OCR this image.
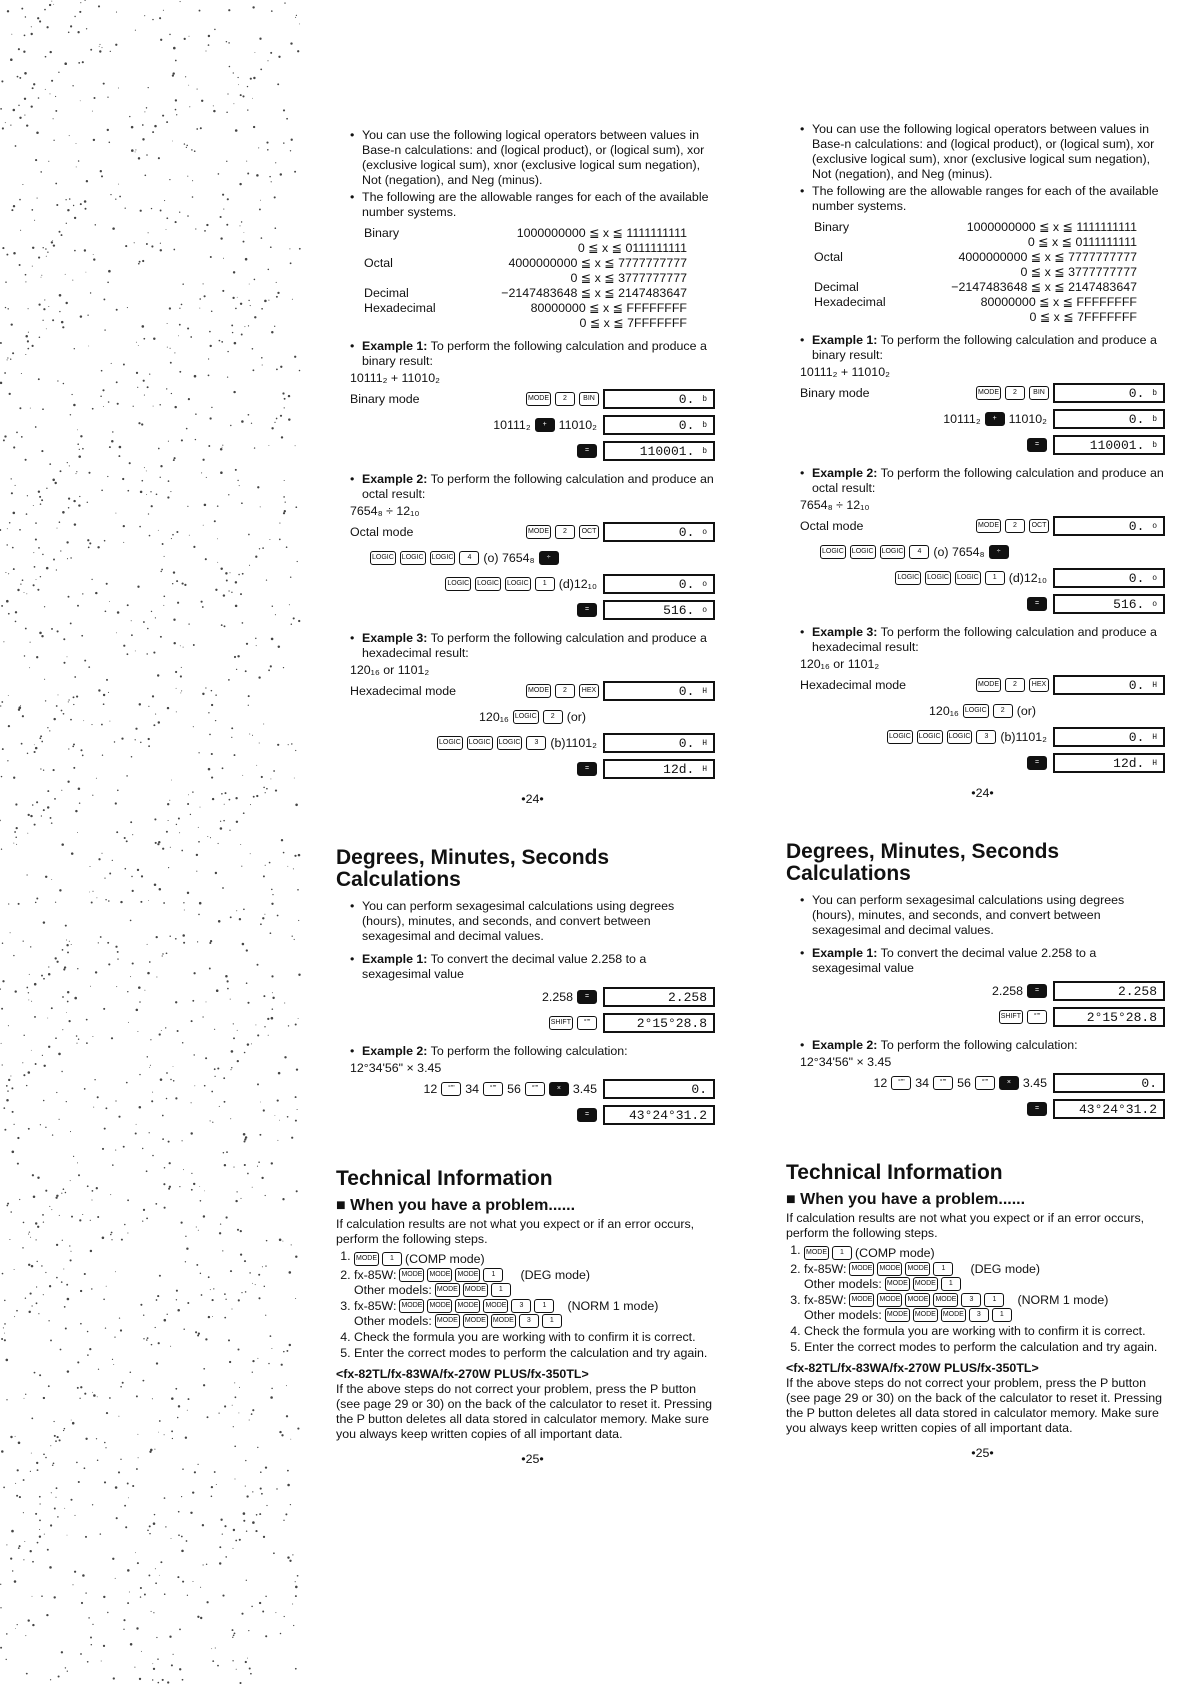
• You can use the following logical operators between values in Base-n calculations: and (logical product), or (logical sum), xor (exclusive logical sum), xnor (exclusive logical sum negation), Not (negation), and Neg (minus).

• The following are the allowable ranges for each of the available number systems.

Binary	1000000000 ≦ x ≦ 1111111111
0 ≦ x ≦ 0111111111
Octal	4000000000 ≦ x ≦ 7777777777
0 ≦ x ≦ 3777777777
Decimal	−2147483648 ≦ x ≦ 2147483647
Hexadecimal	80000000 ≦ x ≦ FFFFFFFF
0 ≦ x ≦ 7FFFFFFF

• Example 1: To perform the following calculation and produce a binary result:

10111₂ + 11010₂

Binary mode	MODE	2	BIN	0. $^b$
10111₂	+ 11010₂	0. $^b$
=	110001. $^b$

• Example 2: To perform the following calculation and produce an octal result:

7654₈ ÷ 12₁₀

Octal mode	MODE	2	OCT	0. $^o$
LOGIC LOGIC LOGIC	4 (o) 7654₈	÷
LOGIC LOGIC LOGIC	1 (d)12₁₀	0. $^o$
=	516. $^o$

• Example 3: To perform the following calculation and produce a hexadecimal result:

120₁₆ or 1101₂

Hexadecimal mode	MODE	2	HEX	0. $^H$
120₁₆ LOGIC	2 (or)
LOGIC LOGIC LOGIC	3 (b)1101₂	0. $^H$
=	12d. $^H$

•24•

Degrees, Minutes, Seconds Calculations

• You can perform sexagesimal calculations using degrees (hours), minutes, and seconds, and convert between sexagesimal and decimal values.

• Example 1: To convert the decimal value 2.258 to a sexagesimal value

2.258	=	2.258
SHIFT	°'"	2°15°28.8

• Example 2: To perform the following calculation:

12°34'56" × 3.45

12	°'" 34	°'" 56	°'"	× 3.45	0.
=	43°24°31.2
Technical Information
■ When you have a problem......

If calculation results are not what you expect or if an error occurs, perform the following steps.

1. MODE	1 (COMP mode)
2. fx-85W: MODE MODE MODE	1	(DEG mode)
Other models: MODE MODE	1
3. fx-85W: MODE MODE MODE MODE	3	1	(NORM 1 mode)
Other models: MODE MODE MODE	3	1
4. Check the formula you are working with to confirm it is correct.
5. Enter the correct modes to perform the calculation and try again.

<fx-82TL/fx-83WA/fx-270W PLUS/fx-350TL>

If the above steps do not correct your problem, press the P button (see page 29 or 30) on the back of the calculator to reset it. Pressing the P button deletes all data stored in calculator memory. Make sure you always keep written copies of all important data.

•25•

• You can use the following logical operators between values in Base-n calculations: and (logical product), or (logical sum), xor (exclusive logical sum), xnor (exclusive logical sum negation), Not (negation), and Neg (minus).

• The following are the allowable ranges for each of the available number systems.

Binary	1000000000 ≦ x ≦ 1111111111
0 ≦ x ≦ 0111111111
Octal	4000000000 ≦ x ≦ 7777777777
0 ≦ x ≦ 3777777777
Decimal	−2147483648 ≦ x ≦ 2147483647
Hexadecimal	80000000 ≦ x ≦ FFFFFFFF
0 ≦ x ≦ 7FFFFFFF

• Example 1: To perform the following calculation and produce a binary result:

10111₂ + 11010₂

Binary mode	MODE	2	BIN	0. $^b$
10111₂	+ 11010₂	0. $^b$
=	110001. $^b$

• Example 2: To perform the following calculation and produce an octal result:

7654₈ ÷ 12₁₀

Octal mode	MODE	2	OCT	0. $^o$
LOGIC LOGIC LOGIC	4 (o) 7654₈	÷
LOGIC LOGIC LOGIC	1 (d)12₁₀	0. $^o$
=	516. $^o$

• Example 3: To perform the following calculation and produce a hexadecimal result:

120₁₆ or 1101₂

Hexadecimal mode	MODE	2	HEX	0. $^H$
120₁₆ LOGIC	2 (or)
LOGIC LOGIC LOGIC	3 (b)1101₂	0. $^H$
=	12d. $^H$

•24•

Degrees, Minutes, Seconds Calculations

• You can perform sexagesimal calculations using degrees (hours), minutes, and seconds, and convert between sexagesimal and decimal values.

• Example 1: To convert the decimal value 2.258 to a sexagesimal value

2.258	=	2.258
SHIFT	°'"	2°15°28.8

• Example 2: To perform the following calculation:

12°34'56" × 3.45

12	°'" 34	°'" 56	°'"	× 3.45	0.
=	43°24°31.2
Technical Information
■ When you have a problem......

If calculation results are not what you expect or if an error occurs, perform the following steps.

1. MODE	1 (COMP mode)
2. fx-85W: MODE MODE MODE	1	(DEG mode)
Other models: MODE MODE	1
3. fx-85W: MODE MODE MODE MODE	3	1	(NORM 1 mode)
Other models: MODE MODE MODE	3	1
4. Check the formula you are working with to confirm it is correct.
5. Enter the correct modes to perform the calculation and try again.

<fx-82TL/fx-83WA/fx-270W PLUS/fx-350TL>

If the above steps do not correct your problem, press the P button (see page 29 or 30) on the back of the calculator to reset it. Pressing the P button deletes all data stored in calculator memory. Make sure you always keep written copies of all important data.

•25•
